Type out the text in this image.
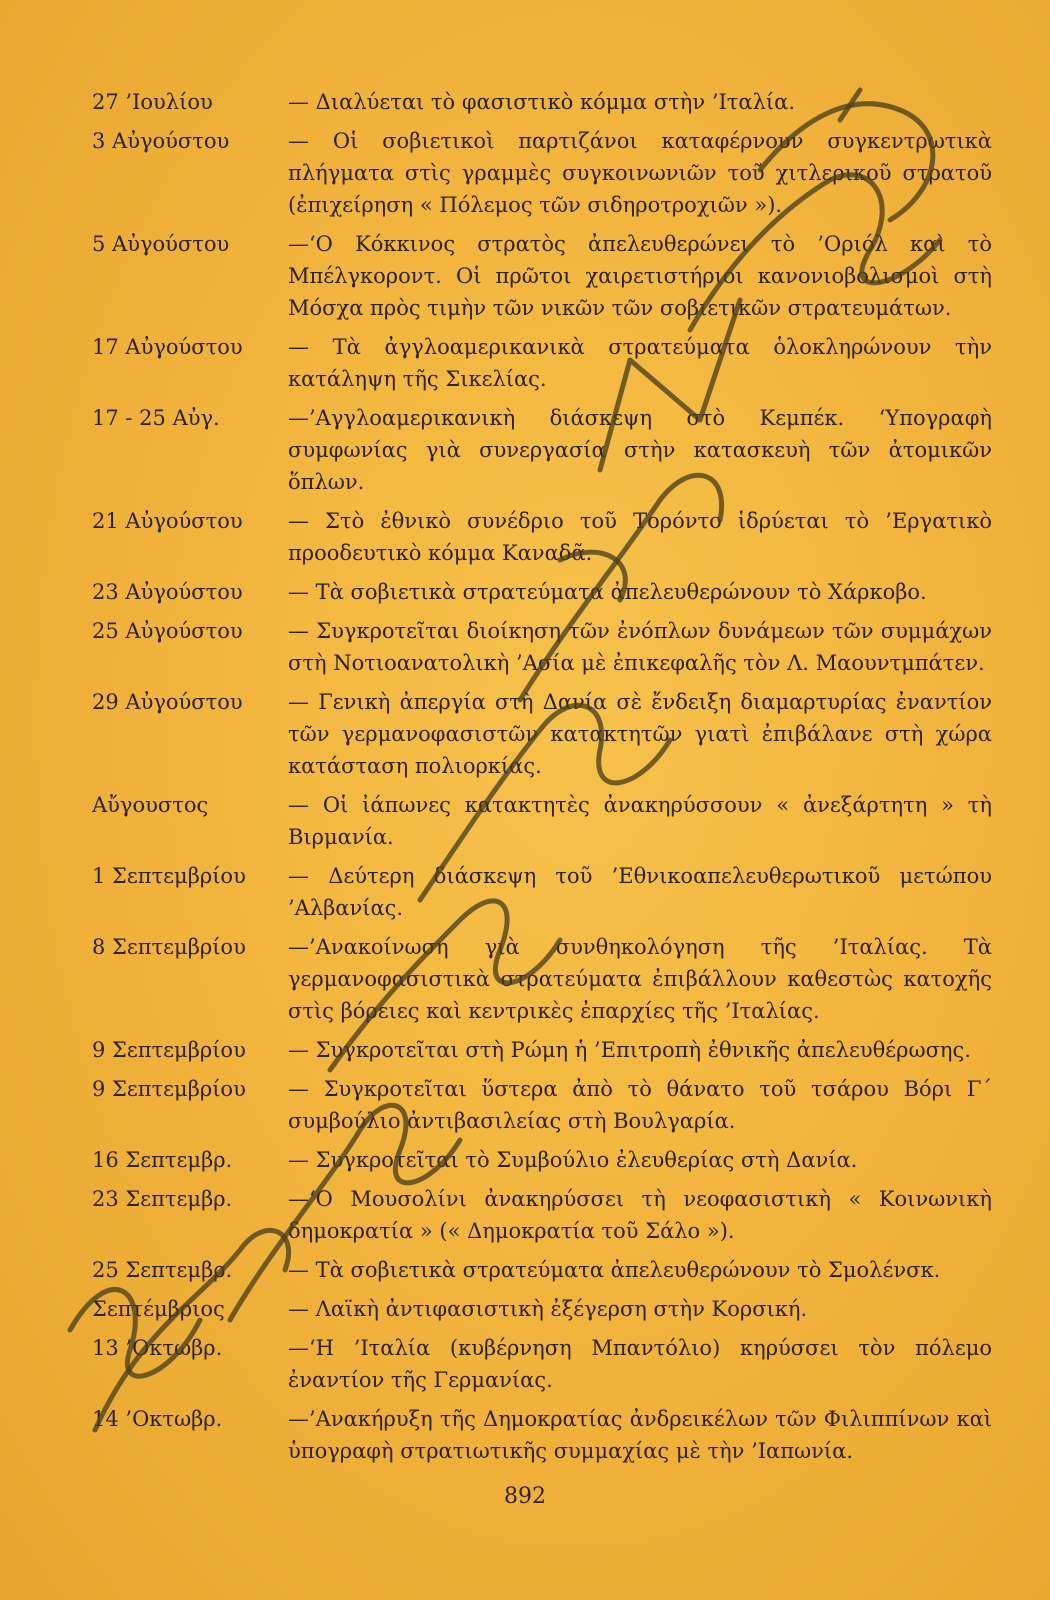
27 ’Ιουλίου	— Διαλύεται τὸ φασιστικὸ κόμμα στὴν ’Ιταλία.
3 Αὐγούστου	— Οἱ σοβιετικοὶ παρτιζάνοι καταφέρνουν συγκεντρωτικὰ πλήγματα στὶς γραμμὲς συγκοινωνιῶν τοῦ χιτλερικοῦ στρατοῦ (ἐπιχείρηση « Πόλεμος τῶν σιδηροτροχιῶν »).
5 Αὐγούστου	—‘Ο Κόκκινος στρατὸς ἀπελευθερώνει τὸ ’Οριόλ καὶ τὸ Μπέλγκορoντ. Οἱ πρῶτοι χαιρετιστήριοι κανονιοβολισμοὶ στὴ Μόσχα πρὸς τιμὴν τῶν νικῶν τῶν σοβιετικῶν στρατευμάτων.
17 Αὐγούστου	— Τὰ ἀγγλοαμερικανικὰ στρατεύματα ὁλοκληρώνουν τὴν κατάληψη τῆς Σικελίας.
17 - 25 Αὐγ.	—’Αγγλοαμερικανικὴ διάσκεψη στὸ Κεμπέκ. ‘Υπογραφὴ συμφωνίας γιὰ συνεργασία στὴν κατασκευὴ τῶν ἀτομικῶν ὅπλων.
21 Αὐγούστου	— Στὸ ἐθνικὸ συνέδριο τοῦ Τορόντο ἱδρύεται τὸ ’Εργατικὸ προοδευτικὸ κόμμα Καναδᾶ.
23 Αὐγούστου	— Τὰ σοβιετικὰ στρατεύματα ἀπελευθερώνουν τὸ Χάρκοβο.
25 Αὐγούστου	— Συγκροτεῖται διοίκηση τῶν ἐνόπλων δυνάμεων τῶν συμμάχων στὴ Νοτιοανατολικὴ ’Ασία μὲ ἐπικεφαλῆς τὸν Λ. Μαουντμπάτεν.
29 Αὐγούστου	— Γενικὴ ἀπεργία στὴ Δανία σὲ ἔνδειξη διαμαρτυρίας ἐναντίον τῶν γερμανοφασιστῶν κατακτητῶν γιατὶ ἐπιβάλανε στὴ χώρα κατάσταση πολιορκίας.
Αὔγουστος	— Οἱ ἰάπωνες κατακτητὲς ἀνακηρύσσουν « ἀνεξάρτητη » τὴ Βιρμανία.
1 Σεπτεμβρίου	— Δεύτερη διάσκεψη τοῦ ’Εθνικοαπελευθερωτικοῦ μετώπου ’Αλβανίας.
8 Σεπτεμβρίου	—’Ανακοίνωση γιὰ συνθηκολόγηση τῆς ’Ιταλίας. Τὰ γερμανοφασιστικὰ στρατεύματα ἐπιβάλλουν καθεστὼς κατοχῆς στὶς βόρειες καὶ κεντρικὲς ἐπαρχίες τῆς ’Ιταλίας.
9 Σεπτεμβρίου	— Συγκροτεῖται στὴ Ρώμη ἡ ’Επιτροπὴ ἐθνικῆς ἀπελευθέρωσης.
9 Σεπτεμβρίου	— Συγκροτεῖται ὕστερα ἀπὸ τὸ θάνατο τοῦ τσάρου Βόρι Γ΄ συμβούλιο ἀντιβασιλείας στὴ Βουλγαρία.
16 Σεπτεμβρ.	— Συγκροτεῖται τὸ Συμβούλιο ἐλευθερίας στὴ Δανία.
23 Σεπτεμβρ.	—‘Ο Μουσολίνι ἀνακηρύσσει τὴ νεοφασιστικὴ « Κοινωνικὴ δημοκρατία » (« Δημοκρατία τοῦ Σάλο »).
25 Σεπτεμβρ.	— Τὰ σοβιετικὰ στρατεύματα ἀπελευθερώνουν τὸ Σμολένσκ.
Σεπτέμβριος	— Λαϊκὴ ἀντιφασιστικὴ ἐξέγερση στὴν Κορσική.
13 ’Οκτωβρ.	—‘Η ’Ιταλία (κυβέρνηση Μπαντόλιο) κηρύσσει τὸν πόλεμο ἐναντίον τῆς Γερμανίας.
14 ’Οκτωβρ.	—’Ανακήρυξη τῆς Δημοκρατίας ἀνδρεικέλων τῶν Φιλιππίνων καὶ ὑπογραφὴ στρατιωτικῆς συμμαχίας μὲ τὴν ’Ιαπωνία.
892
